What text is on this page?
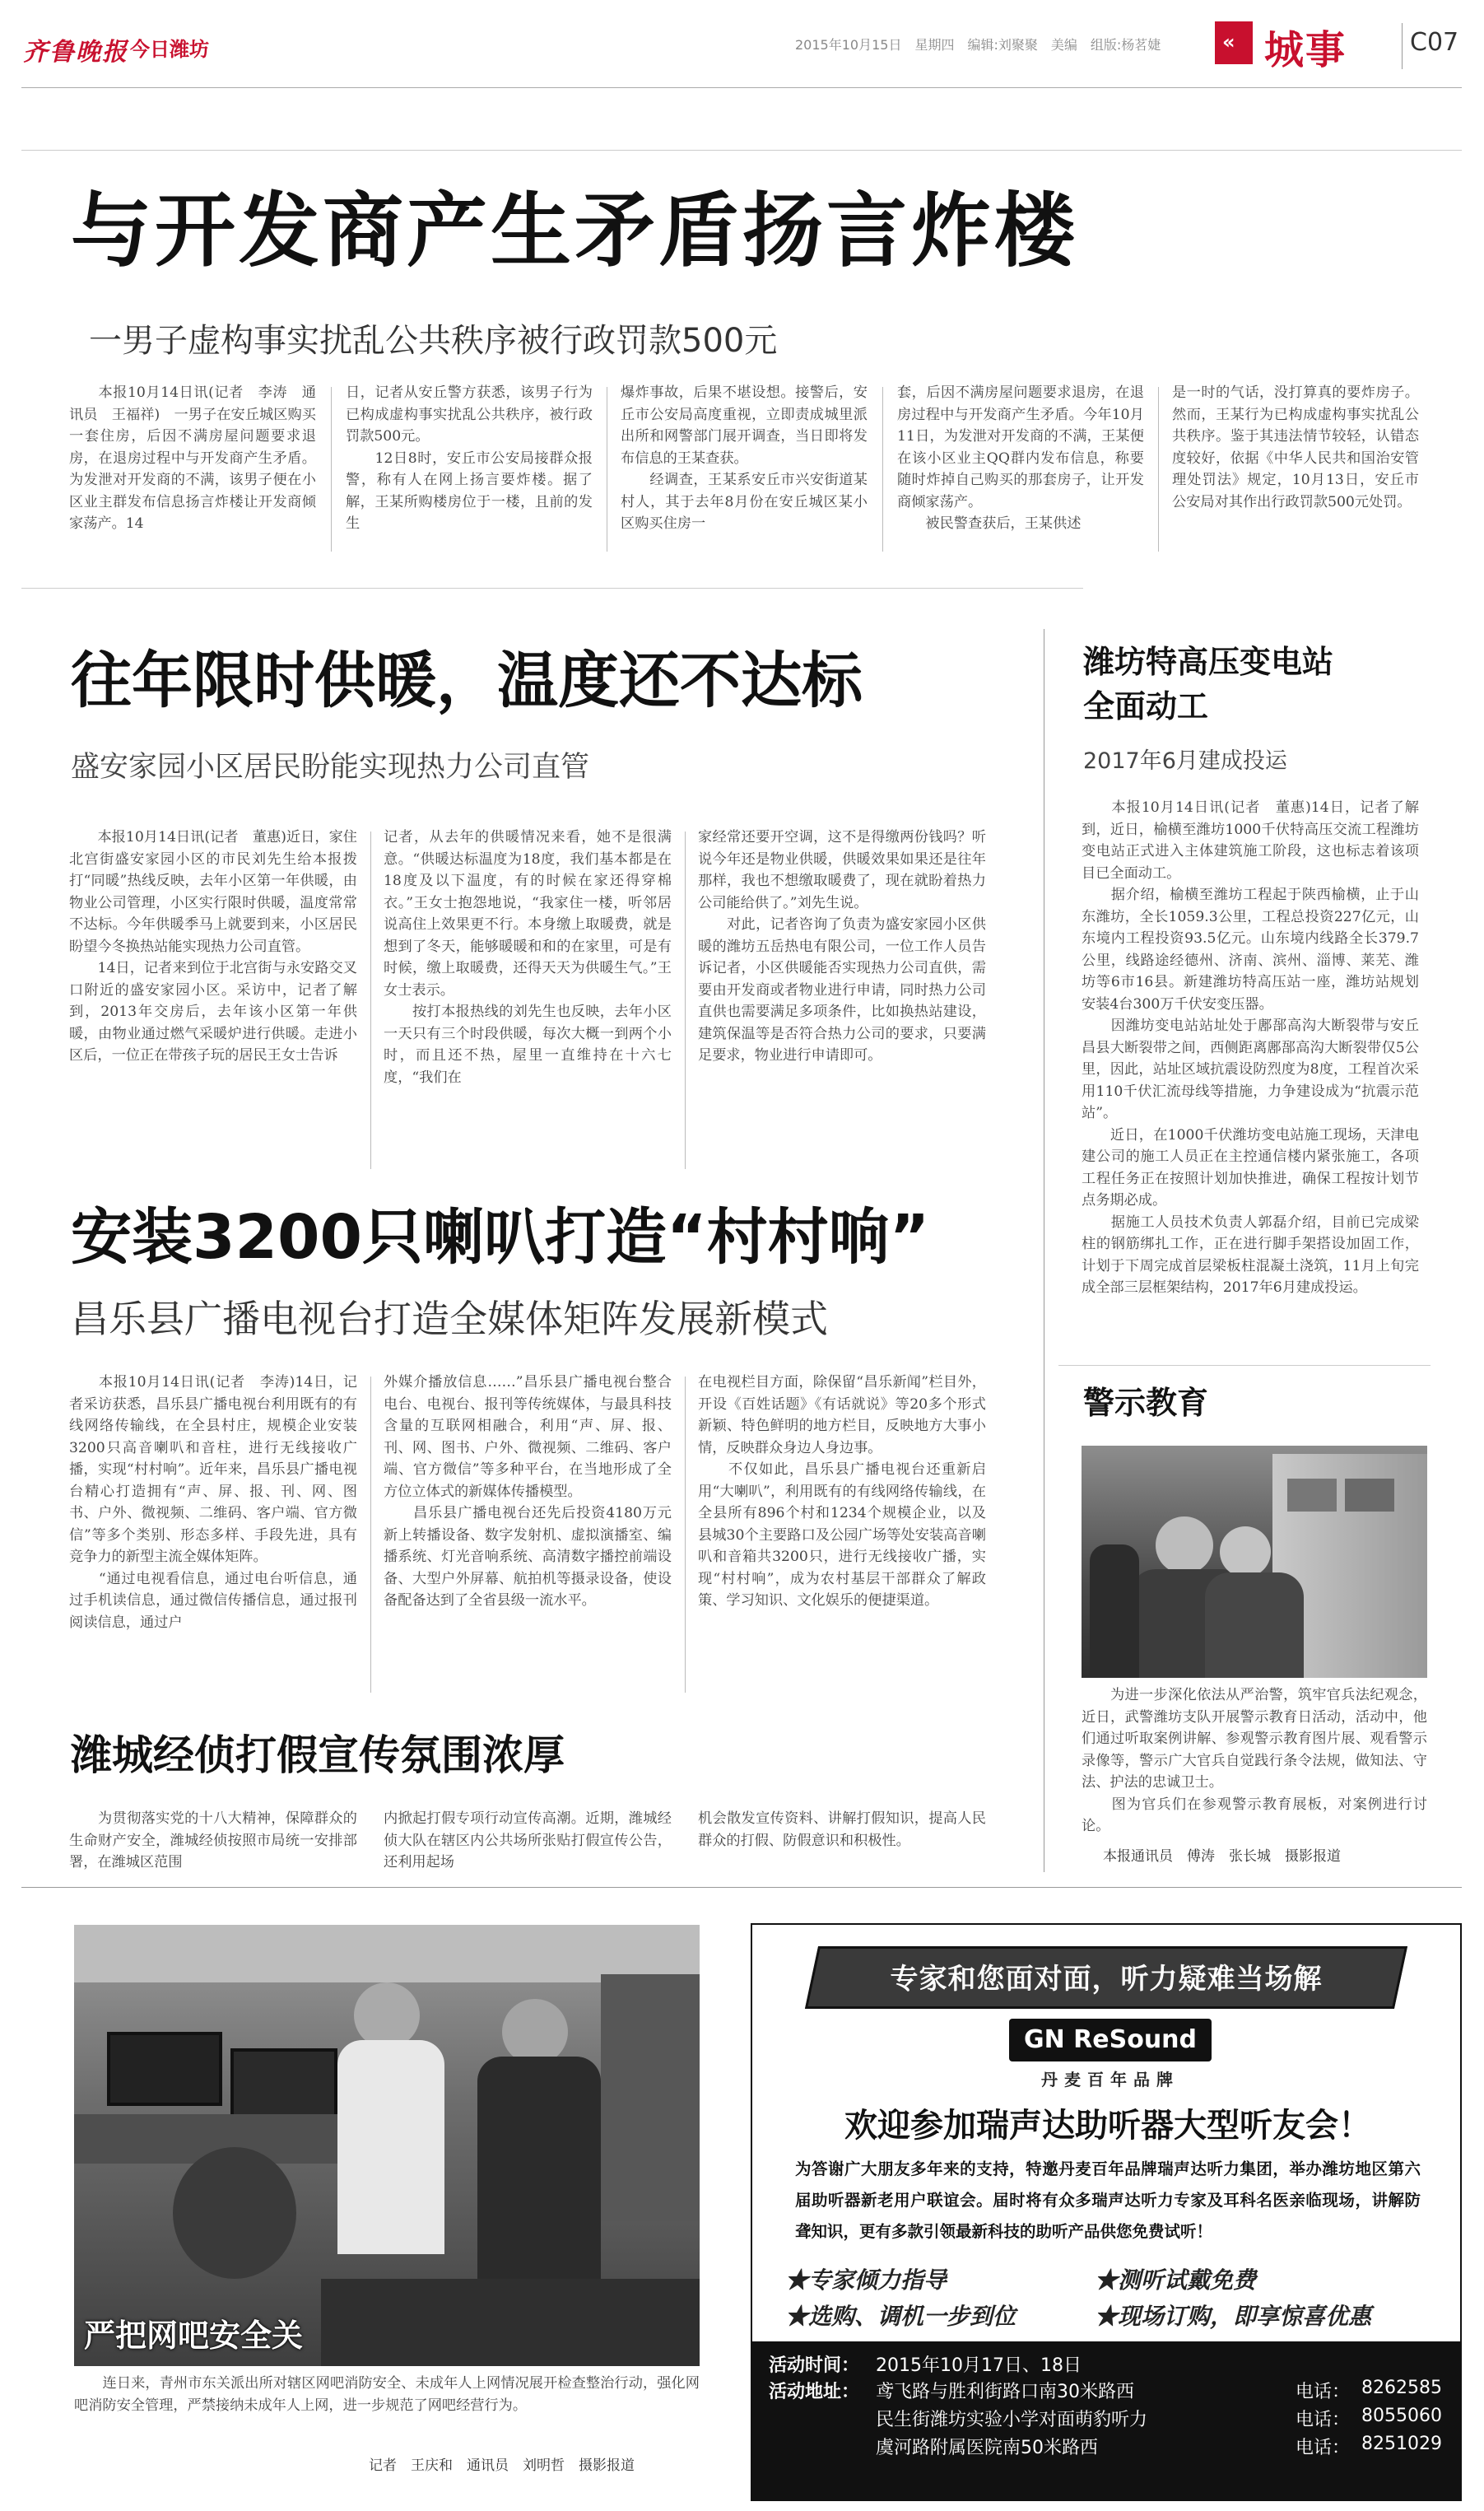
齐鲁晚报 今日潍坊	2015年10月15日　星期四　编辑:刘聚聚　美编　组版:杨茗婕	« 城事	C07
与开发商产生矛盾扬言炸楼
一男子虚构事实扰乱公共秩序被行政罚款500元
　　本报10月14日讯(记者　李涛　通讯员　王福祥)　一男子在安丘城区购买一套住房，后因不满房屋问题要求退房，在退房过程中与开发商产生矛盾。为发泄对开发商的不满，该男子便在小区业主群发布信息扬言炸楼让开发商倾家荡产。14
日，记者从安丘警方获悉，该男子行为已构成虚构事实扰乱公共秩序，被行政罚款500元。
　　12日8时，安丘市公安局接群众报警，称有人在网上扬言要炸楼。据了解，王某所购楼房位于一楼，且前的发生
爆炸事故，后果不堪设想。接警后，安丘市公安局高度重视，立即责成城里派出所和网警部门展开调查，当日即将发布信息的王某查获。
　　经调查，王某系安丘市兴安街道某村人，其于去年8月份在安丘城区某小区购买住房一
套，后因不满房屋问题要求退房，在退房过程中与开发商产生矛盾。今年10月11日，为发泄对开发商的不满，王某便在该小区业主QQ群内发布信息，称要随时炸掉自己购买的那套房子，让开发商倾家荡产。
　　被民警查获后，王某供述
是一时的气话，没打算真的要炸房子。然而，王某行为已构成虚构事实扰乱公共秩序。鉴于其违法情节较轻，认错态度较好，依据《中华人民共和国治安管理处罚法》规定，10月13日，安丘市公安局对其作出行政罚款500元处罚。
往年限时供暖，温度还不达标
盛安家园小区居民盼能实现热力公司直管
　　本报10月14日讯(记者　董惠)近日，家住北宫街盛安家园小区的市民刘先生给本报拨打“同暖”热线反映，去年小区第一年供暖，由物业公司管理，小区实行限时供暖，温度常常不达标。今年供暖季马上就要到来，小区居民盼望今冬换热站能实现热力公司直管。
　　14日，记者来到位于北宫街与永安路交叉口附近的盛安家园小区。采访中，记者了解到，2013年交房后，去年该小区第一年供暖，由物业通过燃气采暖炉进行供暖。走进小区后，一位正在带孩子玩的居民王女士告诉
记者，从去年的供暖情况来看，她不是很满意。“供暖达标温度为18度，我们基本都是在18度及以下温度，有的时候在家还得穿棉衣。”王女士抱怨地说，“我家住一楼，听邻居说高住上效果更不行。本身缴上取暖费，就是想到了冬天，能够暖暖和和的在家里，可是有时候，缴上取暖费，还得天天为供暖生气。”王女士表示。
　　按打本报热线的刘先生也反映，去年小区一天只有三个时段供暖，每次大概一到两个小时，而且还不热，屋里一直维持在十六七度，“我们在
家经常还要开空调，这不是得缴两份钱吗？听说今年还是物业供暖，供暖效果如果还是往年那样，我也不想缴取暖费了，现在就盼着热力公司能给供了。”刘先生说。
　　对此，记者咨询了负责为盛安家园小区供暖的潍坊五岳热电有限公司，一位工作人员告诉记者，小区供暖能否实现热力公司直供，需要由开发商或者物业进行申请，同时热力公司直供也需要满足多项条件，比如换热站建设，建筑保温等是否符合热力公司的要求，只要满足要求，物业进行申请即可。
安装3200只喇叭打造“村村响”
昌乐县广播电视台打造全媒体矩阵发展新模式
　　本报10月14日讯(记者　李涛)14日，记者采访获悉，昌乐县广播电视台利用既有的有线网络传输线，在全县村庄，规模企业安装3200只高音喇叭和音柱，进行无线接收广播，实现“村村响”。近年来，昌乐县广播电视台精心打造拥有“声、屏、报、刊、网、图书、户外、微视频、二维码、客户端、官方微信”等多个类别、形态多样、手段先进，具有竞争力的新型主流全媒体矩阵。
　　“通过电视看信息，通过电台听信息，通过手机读信息，通过微信传播信息，通过报刊阅读信息，通过户
外媒介播放信息……”昌乐县广播电视台整合电台、电视台、报刊等传统媒体，与最具科技含量的互联网相融合，利用“声、屏、报、刊、网、图书、户外、微视频、二维码、客户端、官方微信”等多种平台，在当地形成了全方位立体式的新媒体传播模型。
　　昌乐县广播电视台还先后投资4180万元新上转播设备、数字发射机、虚拟演播室、编播系统、灯光音响系统、高清数字播控前端设备、大型户外屏幕、航拍机等摄录设备，使设备配备达到了全省县级一流水平。
在电视栏目方面，除保留“昌乐新闻”栏目外，开设《百姓话题》《有话就说》等20多个形式新颖、特色鲜明的地方栏目，反映地方大事小情，反映群众身边人身边事。
　　不仅如此，昌乐县广播电视台还重新启用“大喇叭”，利用既有的有线网络传输线，在全县所有896个村和1234个规模企业，以及县城30个主要路口及公园广场等处安装高音喇叭和音箱共3200只，进行无线接收广播，实现“村村响”，成为农村基层干部群众了解政策、学习知识、文化娱乐的便捷渠道。
潍城经侦打假宣传氛围浓厚
　　为贯彻落实党的十八大精神，保障群众的生命财产安全，潍城经侦按照市局统一安排部署，在潍城区范围
内掀起打假专项行动宣传高潮。近期，潍城经侦大队在辖区内公共场所张贴打假宣传公告，还利用起场
机会散发宣传资料、讲解打假知识，提高人民群众的打假、防假意识和积极性。
潍坊特高压变电站
全面动工
2017年6月建成投运
　　本报10月14日讯(记者　董惠)14日，记者了解到，近日，榆横至潍坊1000千伏特高压交流工程潍坊变电站正式进入主体建筑施工阶段，这也标志着该项目已全面动工。
　　据介绍，榆横至潍坊工程起于陕西榆横，止于山东潍坊，全长1059.3公里，工程总投资227亿元，山东境内工程投资93.5亿元。山东境内线路全长379.7公里，线路途经德州、济南、滨州、淄博、莱芜、潍坊等6市16县。新建潍坊特高压站一座，潍坊站规划安装4台300万千伏安变压器。
　　因潍坊变电站站址处于鄌郚高沟大断裂带与安丘昌县大断裂带之间，西侧距离鄌郚高沟大断裂带仅5公里，因此，站址区域抗震设防烈度为8度，工程首次采用110千伏汇流母线等措施，力争建设成为“抗震示范站”。
　　近日，在1000千伏潍坊变电站施工现场，天津电建公司的施工人员正在主控通信楼内紧张施工，各项工程任务正在按照计划加快推进，确保工程按计划节点务期必成。
　　据施工人员技术负责人郭磊介绍，目前已完成梁柱的钢筋绑扎工作，正在进行脚手架搭设加固工作，计划于下周完成首层梁板柱混凝土浇筑，11月上旬完成全部三层框架结构，2017年6月建成投运。
警示教育
　　为进一步深化依法从严治警，筑牢官兵法纪观念，近日，武警潍坊支队开展警示教育日活动，活动中，他们通过听取案例讲解、参观警示教育图片展、观看警示录像等，警示广大官兵自觉践行条令法规，做知法、守法、护法的忠诚卫士。
　　图为官兵们在参观警示教育展板，对案例进行讨论。
本报通讯员　傅涛　张长城　摄影报道
严把网吧安全关
　　连日来，青州市东关派出所对辖区网吧消防安全、未成年人上网情况展开检查整治行动，强化网吧消防安全管理，严禁接纳未成年人上网，进一步规范了网吧经营行为。
记者　王庆和　通讯员　刘明哲　摄影报道
专家和您面对面，听力疑难当场解
GN ReSound
丹麦百年品牌
欢迎参加瑞声达助听器大型听友会！
为答谢广大朋友多年来的支持，特邀丹麦百年品牌瑞声达听力集团，举办潍坊地区第六届助听器新老用户联谊会。届时将有众多瑞声达听力专家及耳科名医亲临现场，讲解防聋知识，更有多款引领最新科技的助听产品供您免费试听！
★专家倾力指导	★测听试戴免费
★选购、调机一步到位	★现场订购，即享惊喜优惠
活动时间： 2015年10月17日、18日
活动地址： 鸢飞路与胜利街路口南30米路西	电话： 8262585
民生街潍坊实验小学对面萌豹听力	电话： 8055060
虞河路附属医院南50米路西	电话： 8251029
